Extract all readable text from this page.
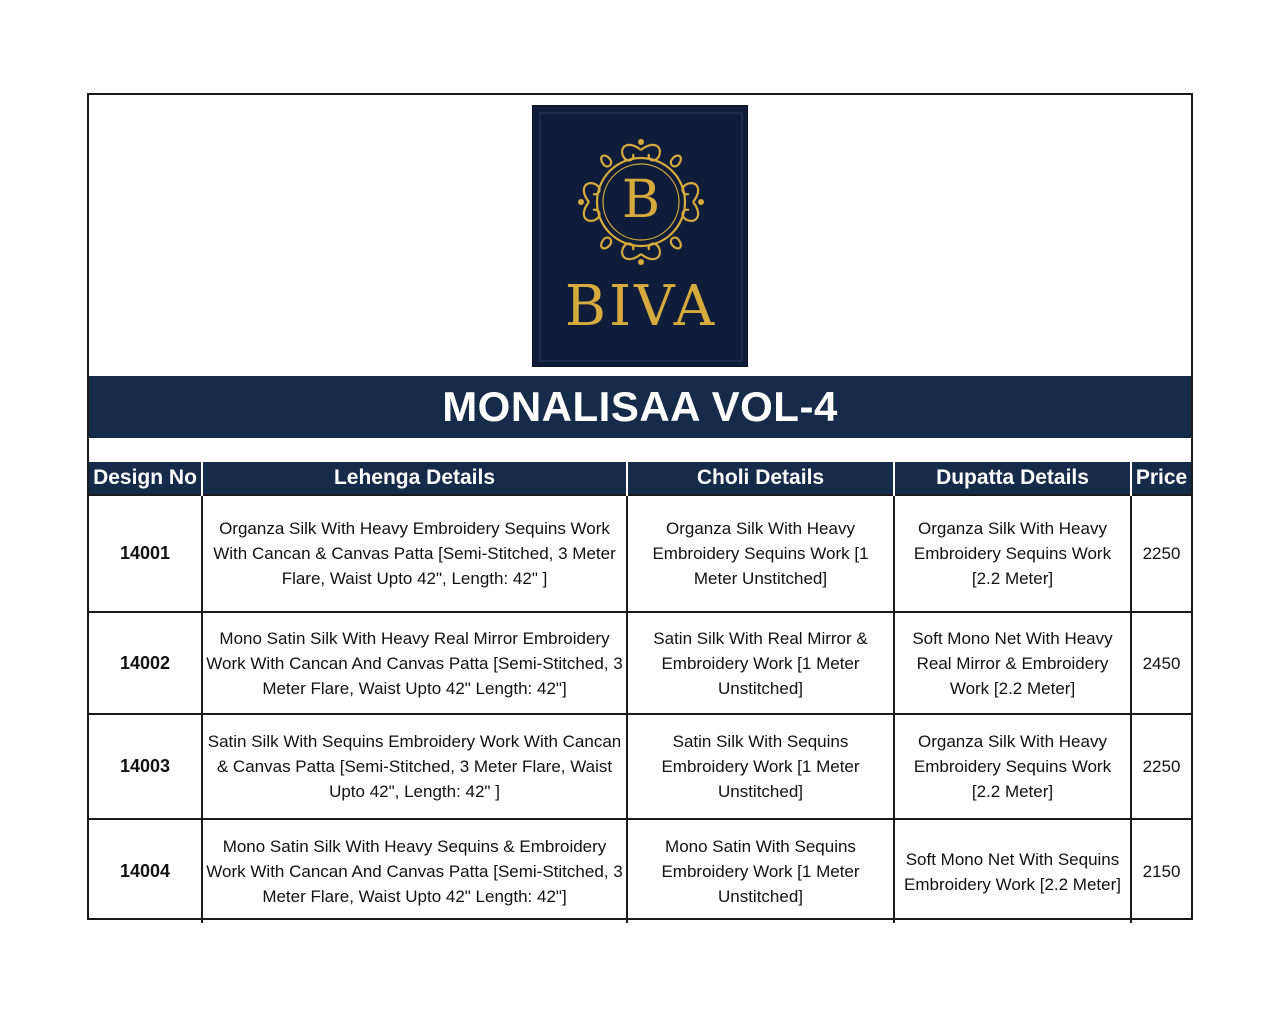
B
BIVA
MONALISAA VOL-4
Design No	Lehenga Details	Choli Details	Dupatta Details	Price
14001	Organza Silk With Heavy Embroidery Sequins Work With Cancan & Canvas Patta [Semi-Stitched, 3 Meter Flare, Waist Upto 42", Length: 42" ]	Organza Silk With Heavy Embroidery Sequins Work [1 Meter Unstitched]	Organza Silk With Heavy Embroidery Sequins Work [2.2 Meter]	2250
14002	Mono Satin Silk With Heavy Real Mirror Embroidery Work With Cancan And Canvas Patta [Semi-Stitched, 3 Meter Flare, Waist Upto 42" Length: 42"]	Satin Silk With Real Mirror & Embroidery Work [1 Meter Unstitched]	Soft Mono Net With Heavy Real Mirror & Embroidery Work [2.2 Meter]	2450
14003	Satin Silk With Sequins Embroidery Work With Cancan & Canvas Patta [Semi-Stitched, 3 Meter Flare, Waist Upto 42", Length: 42" ]	Satin Silk With Sequins Embroidery Work [1 Meter Unstitched]	Organza Silk With Heavy Embroidery Sequins Work [2.2 Meter]	2250
14004	Mono Satin Silk With Heavy Sequins & Embroidery Work With Cancan And Canvas Patta [Semi-Stitched, 3 Meter Flare, Waist Upto 42" Length: 42"]	Mono Satin With Sequins Embroidery Work [1 Meter Unstitched]	Soft Mono Net With Sequins Embroidery Work [2.2 Meter]	2150
